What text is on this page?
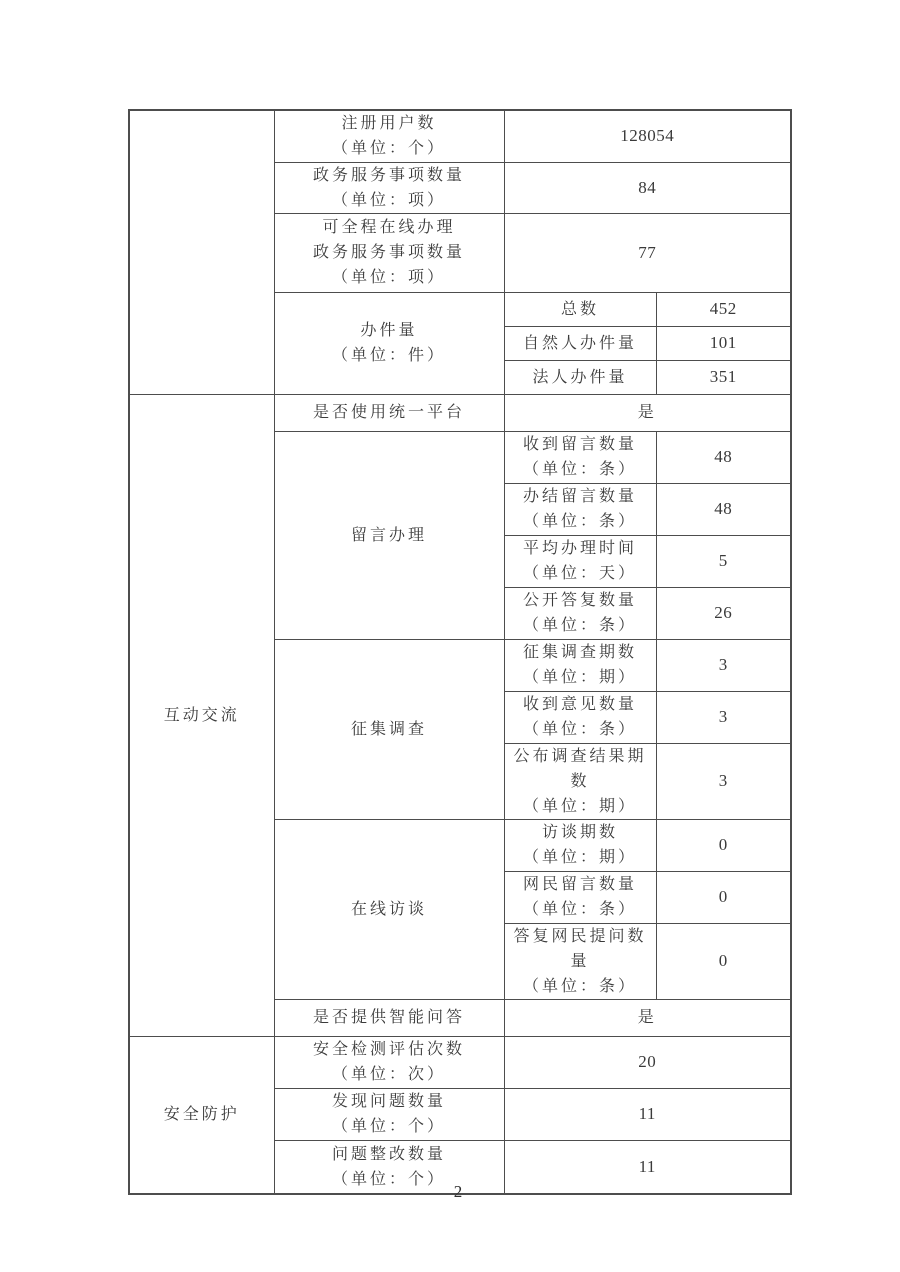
	注册用户数
（单位：个）	128054	

	政务服务事项数量
（单位：项）	84	

	可全程在线办理
政务服务事项数量
（单位：项）	77	

	办件量
（单位：件）	总数	452
		自然人办件量	101
		法人办件量	351
互动交流	是否使用统一平台	是	
	留言办理	收到留言数量
（单位：条）	48

		办结留言数量
（单位：条）	48

		平均办理时间
（单位：天）	5

		公开答复数量
（单位：条）	26
	征集调查	征集调查期数
（单位：期）	3

		收到意见数量
（单位：条）	3

		公布调查结果期数
（单位：期）	3
	在线访谈	访谈期数
（单位：期）	0

		网民留言数量
（单位：条）	0

		答复网民提问数量
（单位：条）	0
	是否提供智能问答	是	
安全防护	安全检测评估次数
（单位：次）	20	

	发现问题数量
（单位：个）	11	

	问题整改数量
（单位：个）	11	
2
